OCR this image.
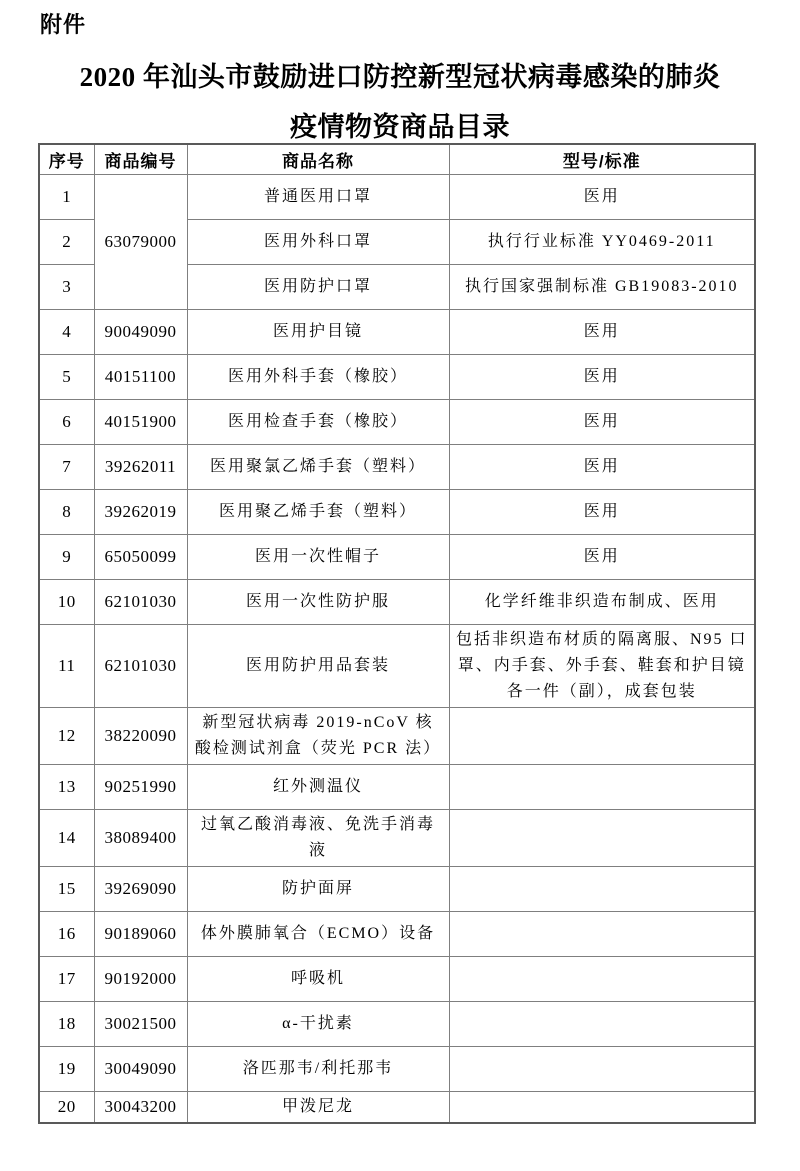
附件
2020 年汕头市鼓励进口防控新型冠状病毒感染的肺炎
疫情物资商品目录
序号	商品编号	商品名称	型号/标准
1	63079000	普通医用口罩	医用
2		医用外科口罩	执行行业标准 YY0469-2011
3		医用防护口罩	执行国家强制标准 GB19083-2010
4	90049090	医用护目镜	医用
5	40151100	医用外科手套（橡胶）	医用
6	40151900	医用检查手套（橡胶）	医用
7	39262011	医用聚氯乙烯手套（塑料）	医用
8	39262019	医用聚乙烯手套（塑料）	医用
9	65050099	医用一次性帽子	医用
10	62101030	医用一次性防护服	化学纤维非织造布制成、医用
11	62101030	医用防护用品套装	包括非织造布材质的隔离服、N95 口罩、内手套、外手套、鞋套和护目镜各一件（副），成套包装
12	38220090	新型冠状病毒 2019-nCoV 核酸检测试剂盒（荧光 PCR 法）	
13	90251990	红外测温仪	
14	38089400	过氧乙酸消毒液、免洗手消毒液	
15	39269090	防护面屏	
16	90189060	体外膜肺氧合（ECMO）设备	
17	90192000	呼吸机	
18	30021500	α-干扰素	
19	30049090	洛匹那韦/利托那韦	
20	30043200	甲泼尼龙	
